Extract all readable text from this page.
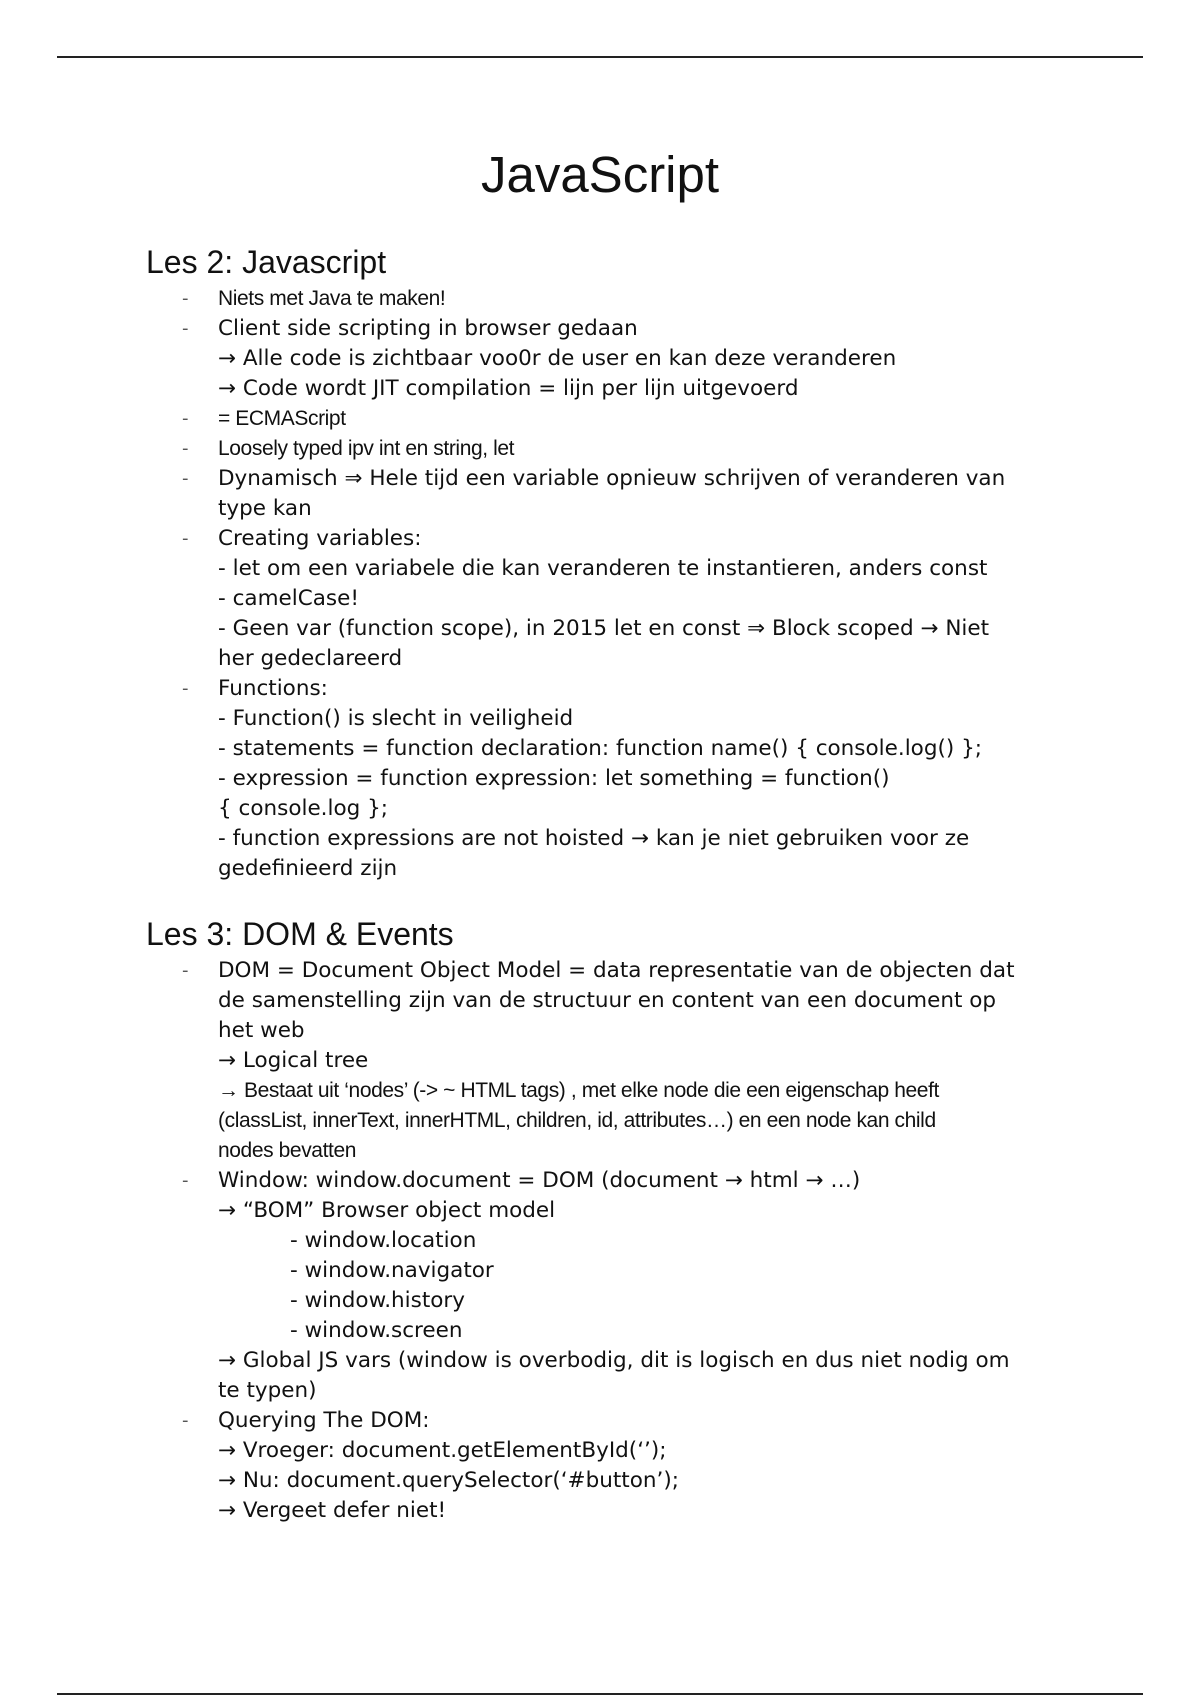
JavaScript
Les 2: Javascript
- Niets met Java te maken!
- Client side scripting in browser gedaan
→ Alle code is zichtbaar voo0r de user en kan deze veranderen
→ Code wordt JIT compilation = lijn per lijn uitgevoerd
- = ECMAScript
- Loosely typed ipv int en string, let
- Dynamisch ⇒ Hele tijd een variable opnieuw schrijven of veranderen van
type kan
- Creating variables:
- let om een variabele die kan veranderen te instantieren, anders const
- camelCase!
- Geen var (function scope), in 2015 let en const ⇒ Block scoped → Niet
her gedeclareerd
- Functions:
- Function() is slecht in veiligheid
- statements = function declaration: function name() { console.log() };
- expression = function expression: let something = function()
{ console.log };
- function expressions are not hoisted → kan je niet gebruiken voor ze
gedefinieerd zijn
Les 3: DOM & Events
- DOM = Document Object Model = data representatie van de objecten dat
de samenstelling zijn van de structuur en content van een document op
het web
→ Logical tree
→ Bestaat uit ‘nodes’ (-> ~ HTML tags) , met elke node die een eigenschap heeft
(classList, innerText, innerHTML, children, id, attributes…) en een node kan child
nodes bevatten
- Window: window.document = DOM (document → html → …)
→ “BOM” Browser object model
- window.location
- window.navigator
- window.history
- window.screen
→ Global JS vars (window is overbodig, dit is logisch en dus niet nodig om
te typen)
- Querying The DOM:
→ Vroeger: document.getElementById(‘’);
→ Nu: document.querySelector(‘#button’);
→ Vergeet defer niet!
